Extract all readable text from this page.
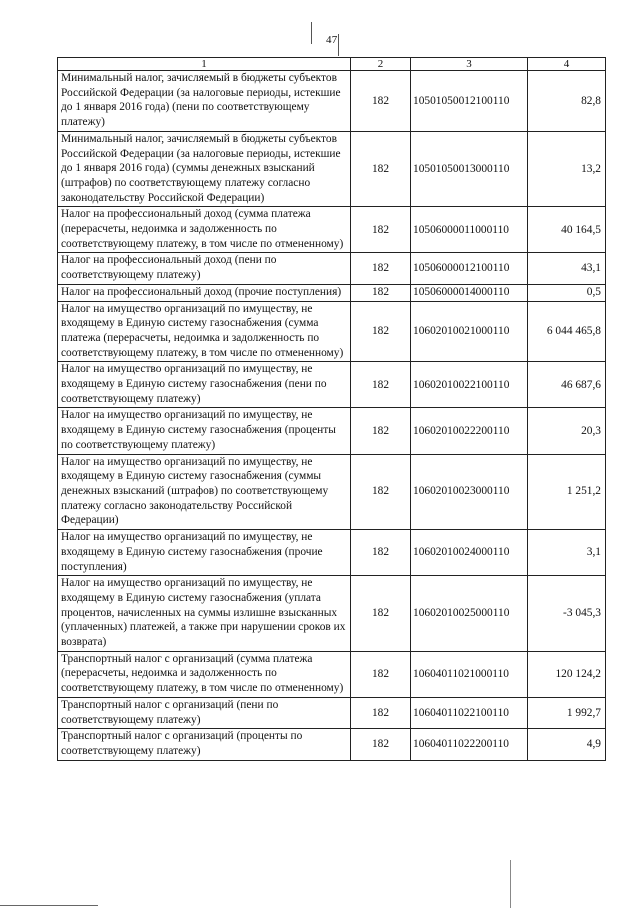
47
1	2	3	4
Минимальный налог, зачисляемый в бюджеты субъектов Российской Федерации (за налоговые периоды, истекшие до 1 января 2016 года) (пени по соответствующему платежу)	182	10501050012100110	82,8
Минимальный налог, зачисляемый в бюджеты субъектов Российской Федерации (за налоговые периоды, истекшие до 1 января 2016 года) (суммы денежных взысканий (штрафов) по соответствующему платежу согласно законодательству Российской Федерации)	182	10501050013000110	13,2
Налог на профессиональный доход (сумма платежа (перерасчеты, недоимка и задолженность по соответствующему платежу, в том числе по отмененному)	182	10506000011000110	40 164,5
Налог на профессиональный доход (пени по соответствующему платежу)	182	10506000012100110	43,1
Налог на профессиональный доход (прочие поступления)	182	10506000014000110	0,5
Налог на имущество организаций по имуществу, не входящему в Единую систему газоснабжения (сумма платежа (перерасчеты, недоимка и задолженность по соответствующему платежу, в том числе по отмененному)	182	10602010021000110	6 044 465,8
Налог на имущество организаций по имуществу, не входящему в Единую систему газоснабжения (пени по соответствующему платежу)	182	10602010022100110	46 687,6
Налог на имущество организаций по имуществу, не входящему в Единую систему газоснабжения (проценты по соответствующему платежу)	182	10602010022200110	20,3
Налог на имущество организаций по имуществу, не входящему в Единую систему газоснабжения (суммы денежных взысканий (штрафов) по соответствующему платежу согласно законодательству Российской Федерации)	182	10602010023000110	1 251,2
Налог на имущество организаций по имуществу, не входящему в Единую систему газоснабжения (прочие поступления)	182	10602010024000110	3,1
Налог на имущество организаций по имуществу, не входящему в Единую систему газоснабжения (уплата процентов, начисленных на суммы излишне взысканных (уплаченных) платежей, а также при нарушении сроков их возврата)	182	10602010025000110	-3 045,3
Транспортный налог с организаций (сумма платежа (перерасчеты, недоимка и задолженность по соответствующему платежу, в том числе по отмененному)	182	10604011021000110	120 124,2
Транспортный налог с организаций (пени по соответствующему платежу)	182	10604011022100110	1 992,7
Транспортный налог с организаций (проценты по соответствующему платежу)	182	10604011022200110	4,9
